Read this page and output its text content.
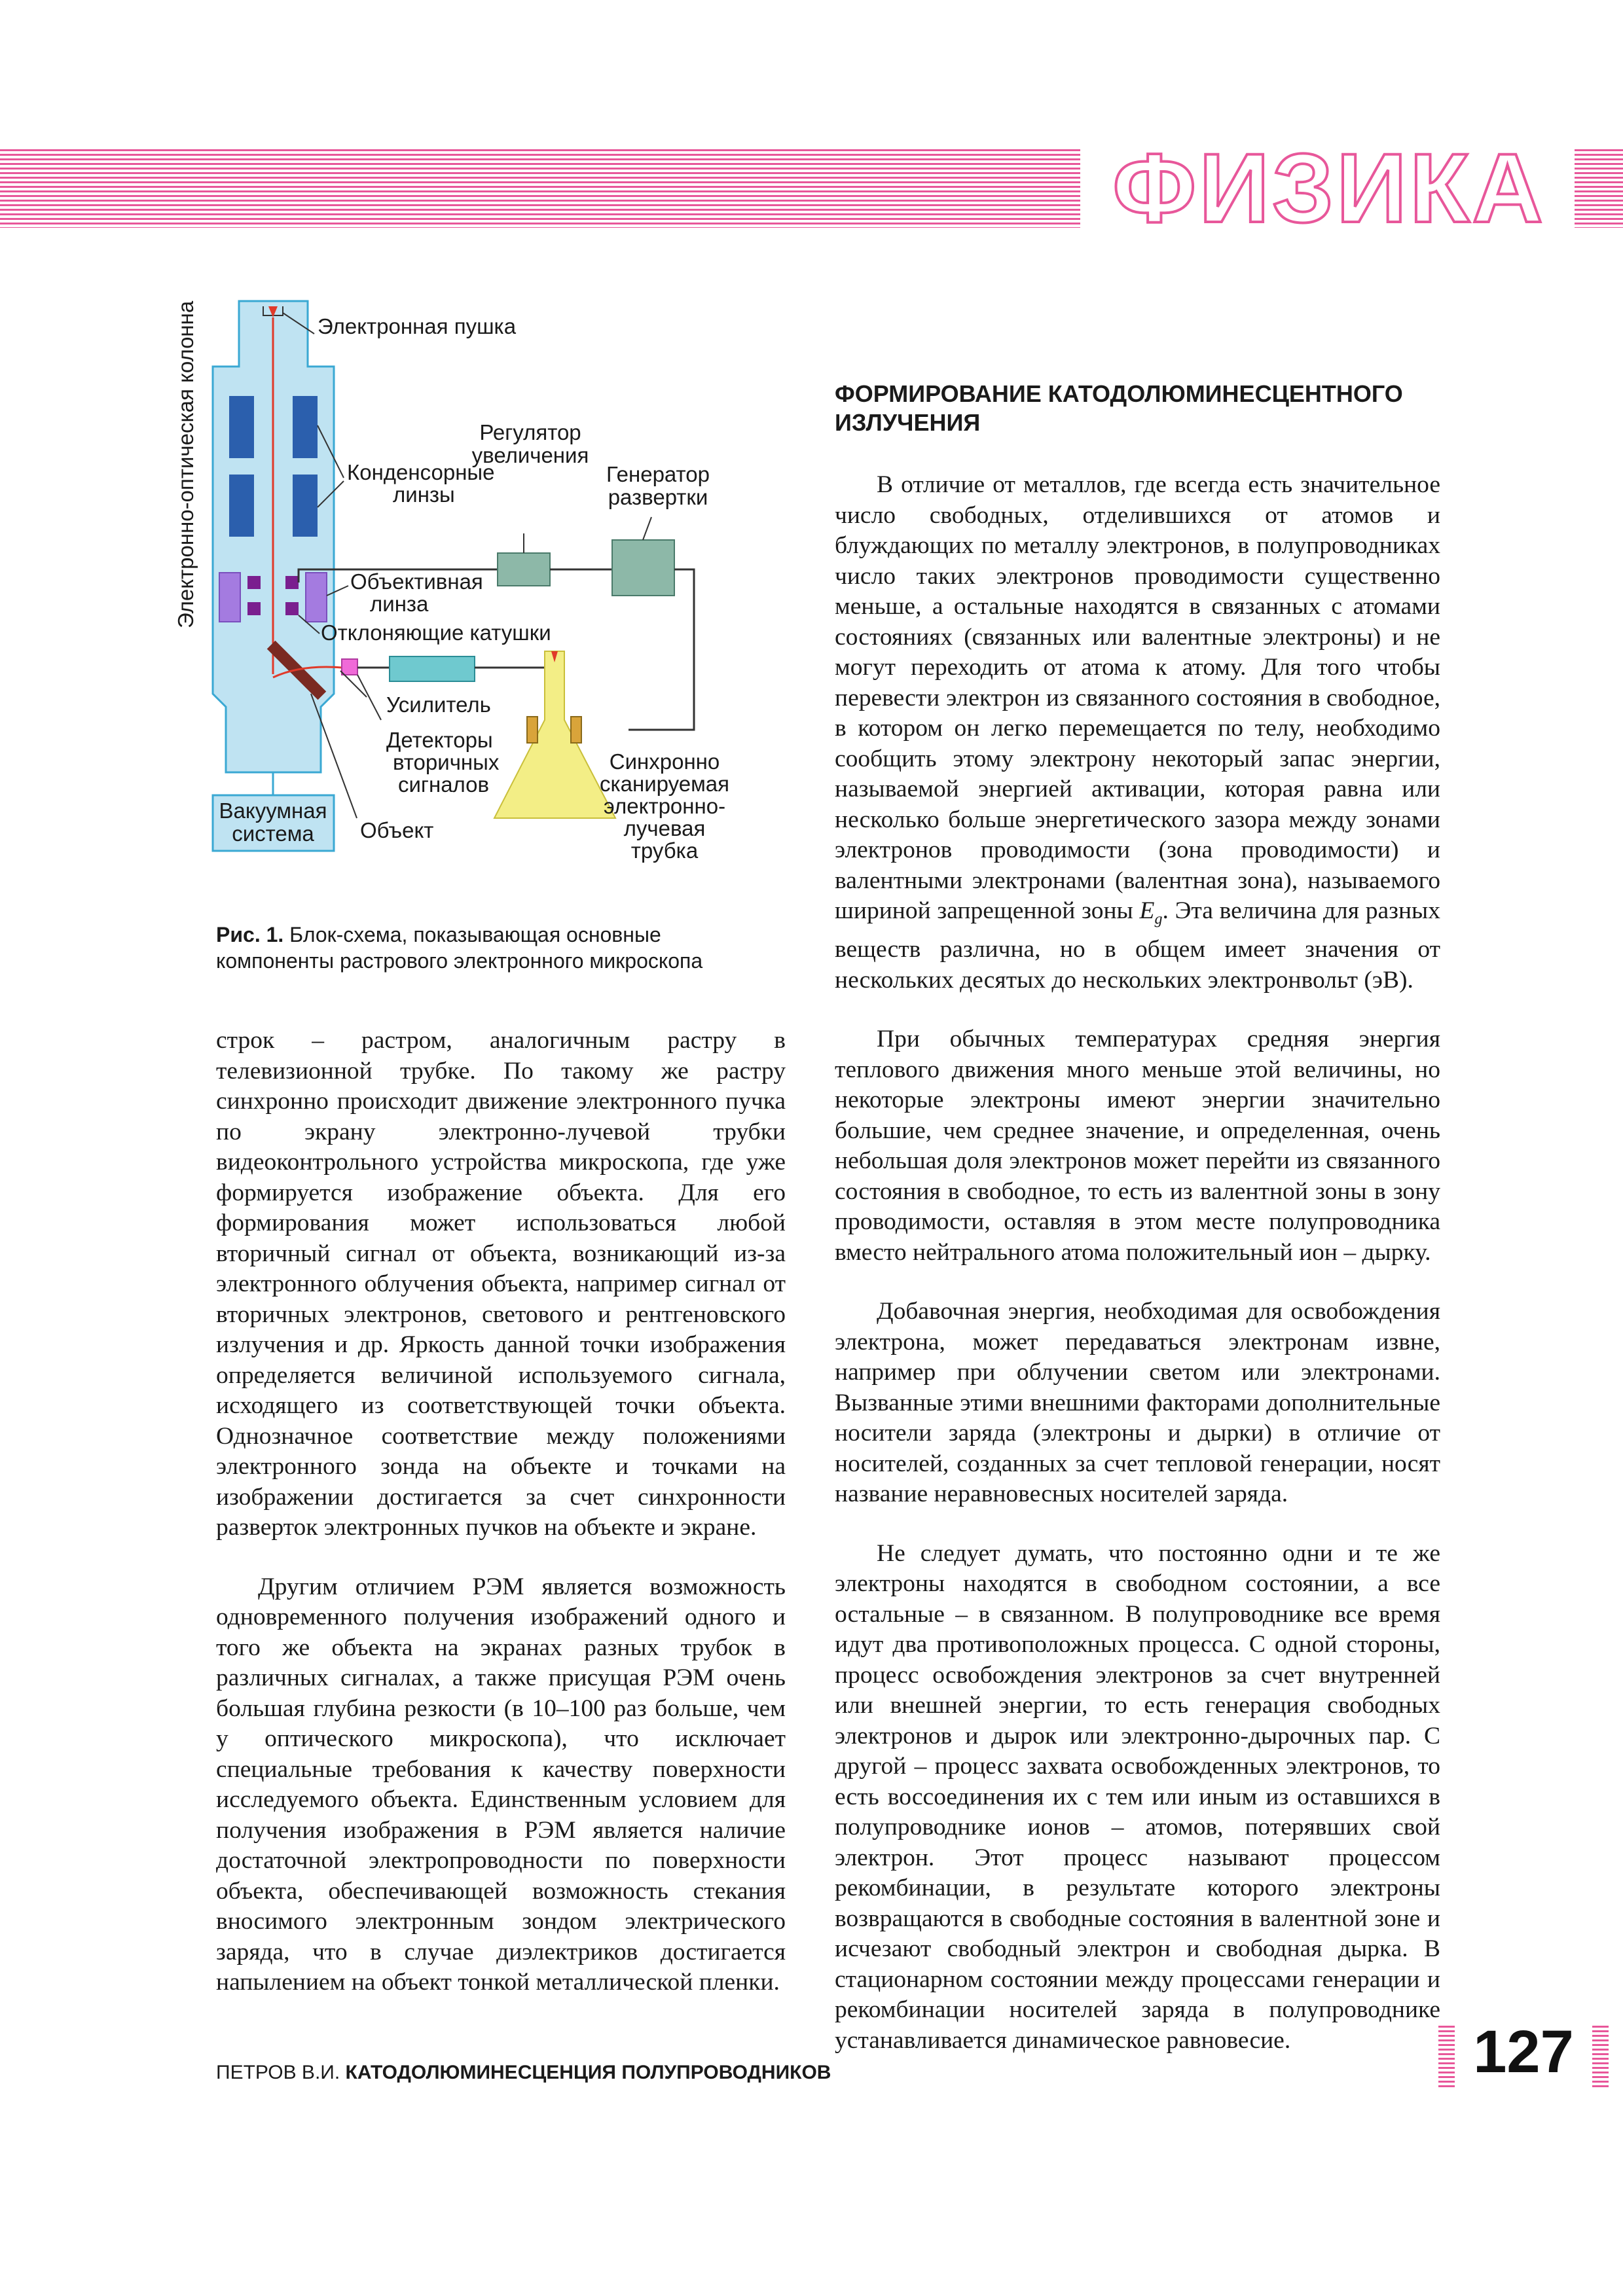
ФИЗИКА
Электронно-оптическая колонна	Электронная пушка
Конденсорные
линзы
Регулятор
увеличения
Генератор
развертки
Объективная
линза
Отклоняющие катушки
Усилитель
Детекторы
вторичных
сигналов
Вакуумная
система Объект
Синхронно
сканируемая
электронно-
лучевая
трубка
Рис. 1. Блок-схема, показывающая основные компоненты растрового электронного микроскопа

строк – растром, аналогичным растру в телевизионной трубке. По такому же растру синхронно происходит движение электронного пучка по экрану электронно-лучевой трубки видеоконтрольного устройства микроскопа, где уже формируется изображение объекта. Для его формирования может использоваться любой вторичный сигнал от объекта, возникающий из-за электронного облучения объекта, например сигнал от вторичных электронов, светового и рентгеновского излучения и др. Яркость данной точки изображения определяется величиной используемого сигнала, исходящего из соответствующей точки объекта. Однозначное соответствие между положениями электронного зонда на объекте и точками на изображении достигается за счет синхронности разверток электронных пучков на объекте и экране.

Другим отличием РЭМ является возможность одновременного получения изображений одного и того же объекта на экранах разных трубок в различных сигналах, а также присущая РЭМ очень большая глубина резкости (в 10–100 раз больше, чем у оптического микроскопа), что исключает специальные требования к качеству поверхности исследуемого объекта. Единственным условием для получения изображения в РЭМ является наличие достаточной электропроводности по поверхности объекта, обеспечивающей возможность стекания вносимого электронным зондом электрического заряда, что в случае диэлектриков достигается напылением на объект тонкой металлической пленки.

ФОРМИРОВАНИЕ КАТОДОЛЮМИНЕСЦЕНТНОГО ИЗЛУЧЕНИЯ

В отличие от металлов, где всегда есть значительное число свободных, отделившихся от атомов и блуждающих по металлу электронов, в полупроводниках число таких электронов проводимости существенно меньше, а остальные находятся в связанных с атомами состояниях (связанных или валентные электроны) и не могут переходить от атома к атому. Для того чтобы перевести электрон из связанного состояния в свободное, в котором он легко перемещается по телу, необходимо сообщить этому электрону некоторый запас энергии, называемой энергией активации, которая равна или несколько больше энергетического зазора между зонами электронов проводимости (зона проводимости) и валентными электронами (валентная зона), называемого шириной запрещенной зоны $E_g$. Эта величина для разных веществ различна, но в общем имеет значения от нескольких десятых до нескольких электронвольт (эВ).

При обычных температурах средняя энергия теплового движения много меньше этой величины, но некоторые электроны имеют энергии значительно большие, чем среднее значение, и определенная, очень небольшая доля электронов может перейти из связанного состояния в свободное, то есть из валентной зоны в зону проводимости, оставляя в этом месте полупроводника вместо нейтрального атома положительный ион – дырку.

Добавочная энергия, необходимая для освобождения электрона, может передаваться электронам извне, например при облучении светом или электронами. Вызванные этими внешними факторами дополнительные носители заряда (электроны и дырки) в отличие от носителей, созданных за счет тепловой генерации, носят название неравновесных носителей заряда.

Не следует думать, что постоянно одни и те же электроны находятся в свободном состоянии, а все остальные – в связанном. В полупроводнике все время идут два противоположных процесса. С одной стороны, процесс освобождения электронов за счет внутренней или внешней энергии, то есть генерация свободных электронов и дырок или электронно-дырочных пар. С другой – процесс захвата освобожденных электронов, то есть воссоединения их с тем или иным из оставшихся в полупроводнике ионов – атомов, потерявших свой электрон. Этот процесс называют процессом рекомбинации, в результате которого электроны возвращаются в свободные состояния в валентной зоне и исчезают свободный электрон и свободная дырка. В стационарном состоянии между процессами генерации и рекомбинации носителей заряда в полупроводнике устанавливается динамическое равновесие.

ПЕТРОВ В.И. КАТОДОЛЮМИНЕСЦЕНЦИЯ ПОЛУПРОВОДНИКОВ	127
